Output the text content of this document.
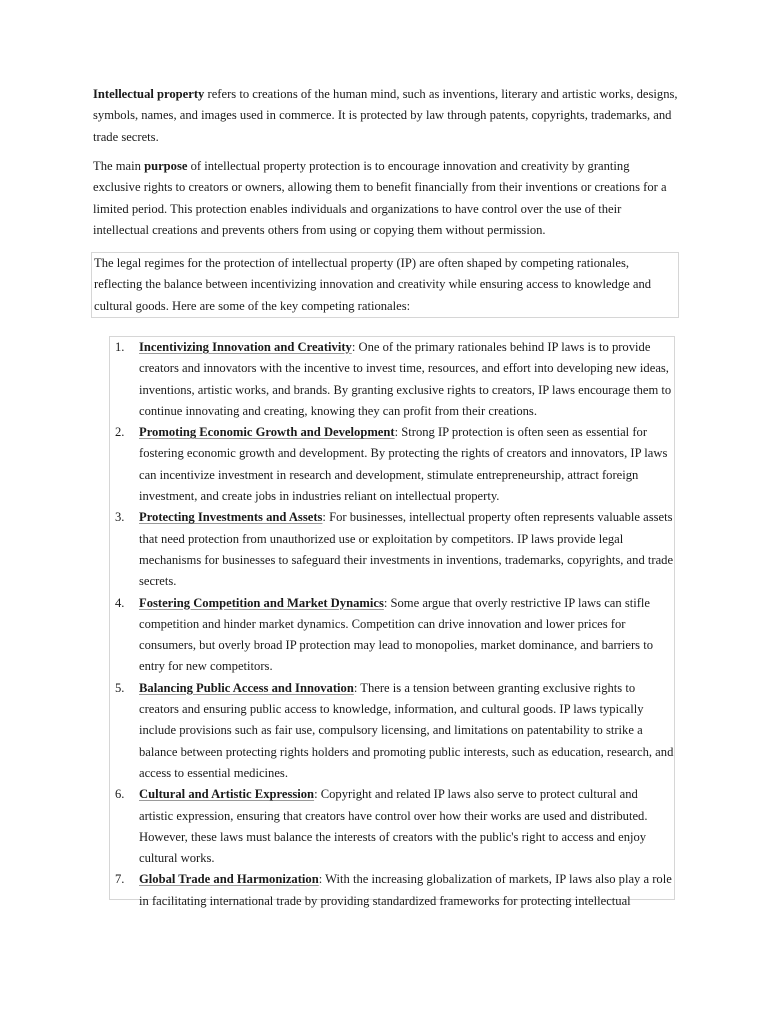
Intellectual property refers to creations of the human mind, such as inventions, literary and artistic works, designs, symbols, names, and images used in commerce. It is protected by law through patents, copyrights, trademarks, and trade secrets.

The main purpose of intellectual property protection is to encourage innovation and creativity by granting exclusive rights to creators or owners, allowing them to benefit financially from their inventions or creations for a limited period. This protection enables individuals and organizations to have control over the use of their intellectual creations and prevents others from using or copying them without permission.

The legal regimes for the protection of intellectual property (IP) are often shaped by competing rationales, reflecting the balance between incentivizing innovation and creativity while ensuring access to knowledge and cultural goods. Here are some of the key competing rationales:

1. Incentivizing Innovation and Creativity: One of the primary rationales behind IP laws is to provide creators and innovators with the incentive to invest time, resources, and effort into developing new ideas, inventions, artistic works, and brands. By granting exclusive rights to creators, IP laws encourage them to continue innovating and creating, knowing they can profit from their creations.
2. Promoting Economic Growth and Development: Strong IP protection is often seen as essential for fostering economic growth and development. By protecting the rights of creators and innovators, IP laws can incentivize investment in research and development, stimulate entrepreneurship, attract foreign investment, and create jobs in industries reliant on intellectual property.
3. Protecting Investments and Assets: For businesses, intellectual property often represents valuable assets that need protection from unauthorized use or exploitation by competitors. IP laws provide legal mechanisms for businesses to safeguard their investments in inventions, trademarks, copyrights, and trade secrets.
4. Fostering Competition and Market Dynamics: Some argue that overly restrictive IP laws can stifle competition and hinder market dynamics. Competition can drive innovation and lower prices for consumers, but overly broad IP protection may lead to monopolies, market dominance, and barriers to entry for new competitors.
5. Balancing Public Access and Innovation: There is a tension between granting exclusive rights to creators and ensuring public access to knowledge, information, and cultural goods. IP laws typically include provisions such as fair use, compulsory licensing, and limitations on patentability to strike a balance between protecting rights holders and promoting public interests, such as education, research, and access to essential medicines.
6. Cultural and Artistic Expression: Copyright and related IP laws also serve to protect cultural and artistic expression, ensuring that creators have control over how their works are used and distributed. However, these laws must balance the interests of creators with the public's right to access and enjoy cultural works.
7. Global Trade and Harmonization: With the increasing globalization of markets, IP laws also play a role in facilitating international trade by providing standardized frameworks for protecting intellectual
